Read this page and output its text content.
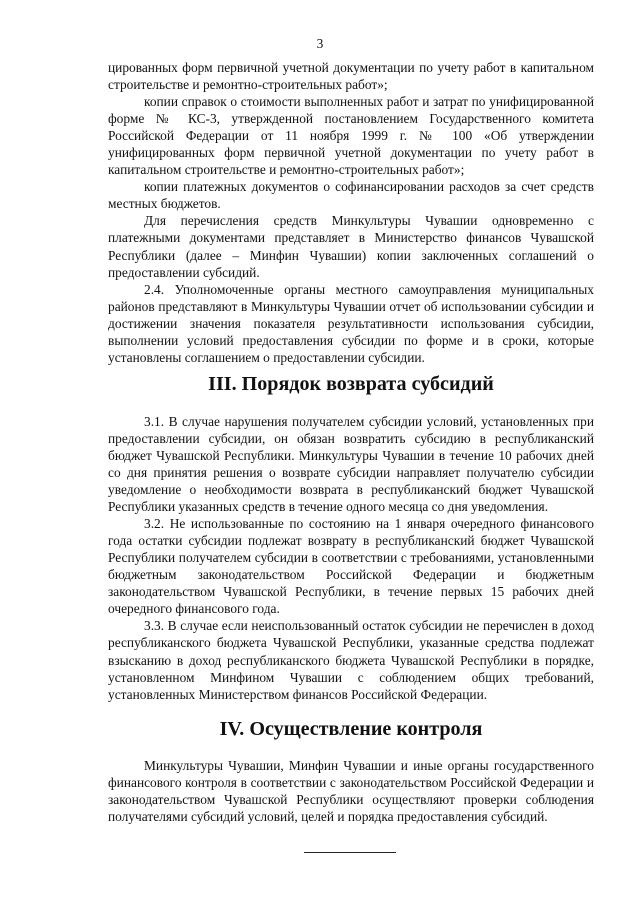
3

цированных форм первичной учетной документации по учету работ в капитальном строительстве и ремонтно-строительных работ»;

копии справок о стоимости выполненных работ и затрат по унифицированной форме № КС-3, утвержденной постановлением Государственного комитета Российской Федерации от 11 ноября 1999 г. № 100 «Об утверждении унифицированных форм первичной учетной документации по учету работ в капитальном строительстве и ремонтно-строительных работ»;

копии платежных документов о софинансировании расходов за счет средств местных бюджетов.

Для перечисления средств Минкультуры Чувашии одновременно с платежными документами представляет в Министерство финансов Чувашской Республики (далее – Минфин Чувашии) копии заключенных соглашений о предоставлении субсидий.

2.4. Уполномоченные органы местного самоуправления муниципальных районов представляют в Минкультуры Чувашии отчет об использовании субсидии и достижении значения показателя результативности использования субсидии, выполнении условий предоставления субсидии по форме и в сроки, которые установлены соглашением о предоставлении субсидии.

III. Порядок возврата субсидий

3.1. В случае нарушения получателем субсидии условий, установленных при предоставлении субсидии, он обязан возвратить субсидию в республиканский бюджет Чувашской Республики. Минкультуры Чувашии в течение 10 рабочих дней со дня принятия решения о возврате субсидии направляет получателю субсидии уведомление о необходимости возврата в республиканский бюджет Чувашской Республики указанных средств в течение одного месяца со дня уведомления.

3.2. Не использованные по состоянию на 1 января очередного финансового года остатки субсидии подлежат возврату в республиканский бюджет Чувашской Республики получателем субсидии в соответствии с требованиями, установленными бюджетным законодательством Российской Федерации и бюджетным законодательством Чувашской Республики, в течение первых 15 рабочих дней очередного финансового года.

3.3. В случае если неиспользованный остаток субсидии не перечислен в доход республиканского бюджета Чувашской Республики, указанные средства подлежат взысканию в доход республиканского бюджета Чувашской Республики в порядке, установленном Минфином Чувашии с соблюдением общих требований, установленных Министерством финансов Российской Федерации.

IV. Осуществление контроля

Минкультуры Чувашии, Минфин Чувашии и иные органы государственного финансового контроля в соответствии с законодательством Российской Федерации и законодательством Чувашской Республики осуществляют проверки соблюдения получателями субсидий условий, целей и порядка предоставления субсидий.
